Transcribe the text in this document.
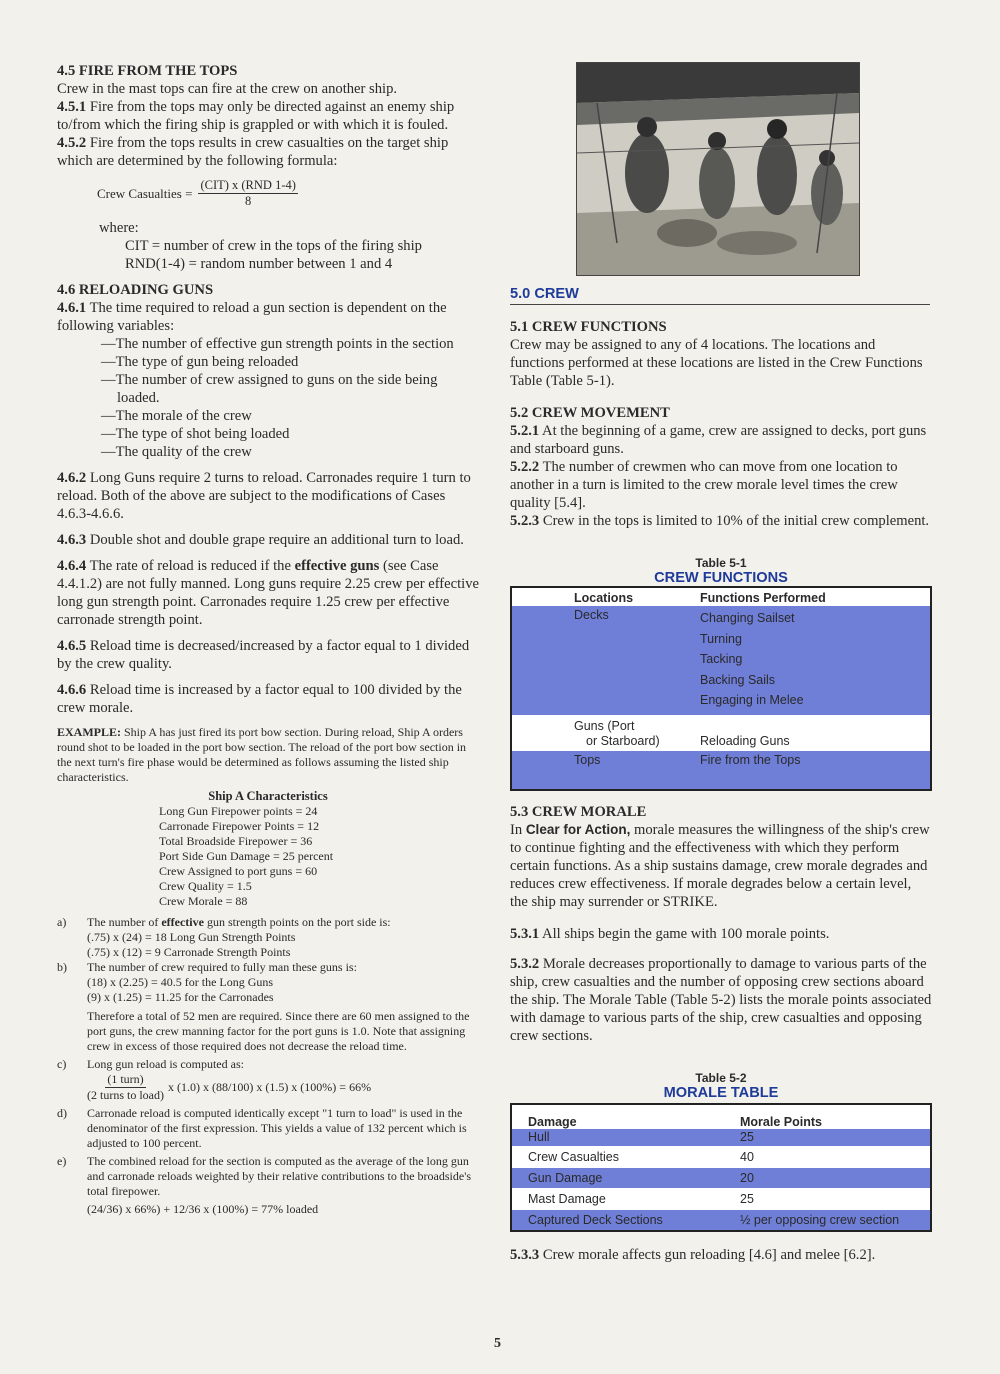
4.5 FIRE FROM THE TOPS

Crew in the mast tops can fire at the crew on another ship.

4.5.1 Fire from the tops may only be directed against an enemy ship to/from which the firing ship is grappled or with which it is fouled.

4.5.2 Fire from the tops results in crew casualties on the target ship which are determined by the following formula:

Crew Casualties = $\frac{\text{(CIT) x (RND 1-4)}}{8}$

where:

CIT = number of crew in the tops of the firing ship

RND(1-4) = random number between 1 and 4

4.6 RELOADING GUNS

4.6.1 The time required to reload a gun section is dependent on the following variables:

—The number of effective gun strength points in the section
—The type of gun being reloaded
—The number of crew assigned to guns on the side being loaded.
—The morale of the crew
—The type of shot being loaded
—The quality of the crew

4.6.2 Long Guns require 2 turns to reload. Carronades require 1 turn to reload. Both of the above are subject to the modifications of Cases 4.6.3-4.6.6.

4.6.3 Double shot and double grape require an additional turn to load.

4.6.4 The rate of reload is reduced if the effective guns (see Case 4.4.1.2) are not fully manned. Long guns require 2.25 crew per effective long gun strength point. Carronades require 1.25 crew per effective carronade strength point.

4.6.5 Reload time is decreased/increased by a factor equal to 1 divided by the crew quality.

4.6.6 Reload time is increased by a factor equal to 100 divided by the crew morale.

EXAMPLE: Ship A has just fired its port bow section. During reload, Ship A orders round shot to be loaded in the port bow section. The reload of the port bow section in the next turn's fire phase would be determined as follows assuming the listed ship characteristics.

Ship A Characteristics
Long Gun Firepower points = 24
Carronade Firepower Points = 12
Total Broadside Firepower = 36
Port Side Gun Damage = 25 percent
Crew Assigned to port guns = 60
Crew Quality = 1.5
Crew Morale = 88
a)	The number of effective gun strength points on the port side is:
(.75) x (24) = 18 Long Gun Strength Points
(.75) x (12) = 9 Carronade Strength Points
b)	The number of crew required to fully man these guns is:
(18) x (2.25) = 40.5 for the Long Guns
(9) x (1.25) = 11.25 for the Carronades
Therefore a total of 52 men are required. Since there are 60 men assigned to the port guns, the crew manning factor for the port guns is 1.0. Note that assigning crew in excess of those required does not decrease the reload time.
c)	Long gun reload is computed as:
$\frac{\text{(1 turn)}}{\text{(2 turns to load)}}$ x (1.0) x (88/100) x (1.5) x (100%) = 66%
d)	Carronade reload is computed identically except "1 turn to load" is used in the denominator of the first expression. This yields a value of 132 percent which is adjusted to 100 percent.
e)	The combined reload for the section is computed as the average of the long gun and carronade reloads weighted by their relative contributions to the broadside's total firepower.
(24/36) x 66%) + 12/36 x (100%) = 77% loaded
5.0 CREW
5.1 CREW FUNCTIONS

Crew may be assigned to any of 4 locations. The locations and functions performed at these locations are listed in the Crew Functions Table (Table 5-1).

5.2 CREW MOVEMENT

5.2.1 At the beginning of a game, crew are assigned to decks, port guns and starboard guns.

5.2.2 The number of crewmen who can move from one location to another in a turn is limited to the crew morale level times the crew quality [5.4].

5.2.3 Crew in the tops is limited to 10% of the initial crew complement.

Table 5-1
CREW FUNCTIONS
Locations	Functions Performed
Decks	Changing Sailset
Turning
Tacking
Backing Sails
Engaging in Melee
Guns (Port
or Starboard)	Reloading Guns
Tops	Fire from the Tops
5.3 CREW MORALE

In Clear for Action, morale measures the willingness of the ship's crew to continue fighting and the effectiveness with which they perform certain functions. As a ship sustains damage, crew morale degrades and reduces crew effectiveness. If morale degrades below a certain level, the ship may surrender or STRIKE.

5.3.1 All ships begin the game with 100 morale points.

5.3.2 Morale decreases proportionally to damage to various parts of the ship, crew casualties and the number of opposing crew sections aboard the ship. The Morale Table (Table 5-2) lists the morale points associated with damage to various parts of the ship, crew casualties and opposing crew sections.

Table 5-2
MORALE TABLE
Damage	Morale Points
Hull	25
Crew Casualties	40
Gun Damage	20
Mast Damage	25
Captured Deck Sections	½ per opposing crew section

5.3.3 Crew morale affects gun reloading [4.6] and melee [6.2].

5
